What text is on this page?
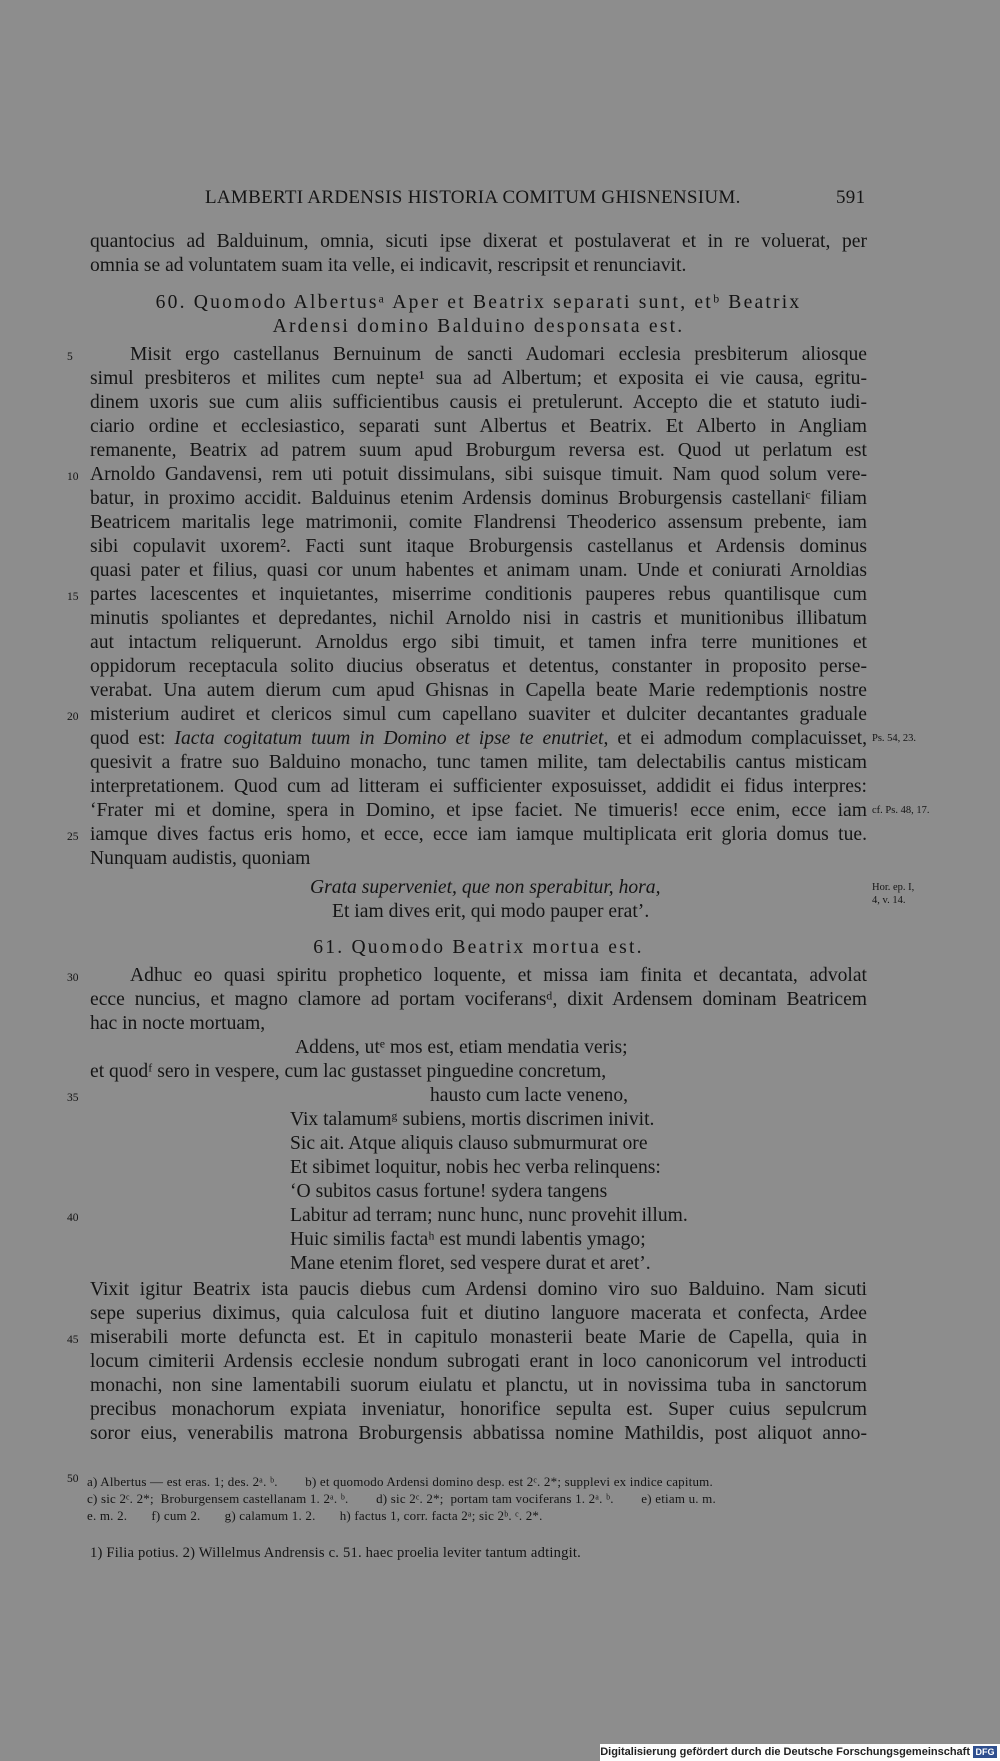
LAMBERTI ARDENSIS HISTORIA COMITUM GHISNENSIUM.	591
quantocius ad Balduinum, omnia, sicuti ipse dixerat et postulaverat et in re voluerat, per
omnia se ad voluntatem suam ita velle, ei indicavit, rescripsit et renunciavit.
60. Quomodo Albertusᵃ Aper et Beatrix separati sunt, etᵇ Beatrix
Ardensi domino Balduino desponsata est.
Misit ergo castellanus Bernuinum de sancti Audomari ecclesia presbiterum aliosque
5
simul presbiteros et milites cum nepte¹ sua ad Albertum; et exposita ei vie causa, egritu-
dinem uxoris sue cum aliis sufficientibus causis ei pretulerunt. Accepto die et statuto iudi-
ciario ordine et ecclesiastico, separati sunt Albertus et Beatrix. Et Alberto in Angliam
remanente, Beatrix ad patrem suum apud Broburgum reversa est. Quod ut perlatum est
Arnoldo Gandavensi, rem uti potuit dissimulans, sibi suisque timuit. Nam quod solum vere-
10
batur, in proximo accidit. Balduinus etenim Ardensis dominus Broburgensis castellaniᶜ filiam
Beatricem maritalis lege matrimonii, comite Flandrensi Theoderico assensum prebente, iam
sibi copulavit uxorem². Facti sunt itaque Broburgensis castellanus et Ardensis dominus
quasi pater et filius, quasi cor unum habentes et animam unam. Unde et coniurati Arnoldias
partes lacescentes et inquietantes, miserrime conditionis pauperes rebus quantilisque cum
15
minutis spoliantes et depredantes, nichil Arnoldo nisi in castris et munitionibus illibatum
aut intactum reliquerunt. Arnoldus ergo sibi timuit, et tamen infra terre munitiones et
oppidorum receptacula solito diucius obseratus et detentus, constanter in proposito perse-
verabat. Una autem dierum cum apud Ghisnas in Capella beate Marie redemptionis nostre
misterium audiret et clericos simul cum capellano suaviter et dulciter decantantes graduale
20
quod est: Iacta cogitatum tuum in Domino et ipse te enutriet, et ei admodum complacuisset, Ps. 54, 23.
quesivit a fratre suo Balduino monacho, tunc tamen milite, tam delectabilis cantus misticam
interpretationem. Quod cum ad litteram ei sufficienter exposuisset, addidit ei fidus interpres:
‘Frater mi et domine, spera in Domino, et ipse faciet. Ne timueris! ecce enim, ecce iam cf. Ps. 48, 17.
iamque dives factus eris homo, et ecce, ecce iam iamque multiplicata erit gloria domus tue.
25
Nunquam audistis, quoniam
Grata superveniet, que non sperabitur, hora,	Hor. ep. I,
4, v. 14.
Et iam dives erit, qui modo pauper erat’.
61. Quomodo Beatrix mortua est.
Adhuc eo quasi spiritu prophetico loquente, et missa iam finita et decantata, advolat
30
ecce nuncius, et magno clamore ad portam vociferansᵈ, dixit Ardensem dominam Beatricem
hac in nocte mortuam,
Addens, utᵉ mos est, etiam mendatia veris;
et quodᶠ sero in vespere, cum lac gustasset pinguedine concretum,
hausto cum lacte veneno,
35
Vix talamumᵍ subiens, mortis discrimen inivit.
Sic ait. Atque aliquis clauso submurmurat ore
Et sibimet loquitur, nobis hec verba relinquens:
‘O subitos casus fortune! sydera tangens
Labitur ad terram; nunc hunc, nunc provehit illum.
40
Huic similis factaʰ est mundi labentis ymago;
Mane etenim floret, sed vespere durat et aret’.
Vixit igitur Beatrix ista paucis diebus cum Ardensi domino viro suo Balduino. Nam sicuti
sepe superius diximus, quia calculosa fuit et diutino languore macerata et confecta, Ardee
miserabili morte defuncta est. Et in capitulo monasterii beate Marie de Capella, quia in
45
locum cimiterii Ardensis ecclesie nondum subrogati erant in loco canonicorum vel introducti
monachi, non sine lamentabili suorum eiulatu et planctu, ut in novissima tuba in sanctorum
precibus monachorum expiata inveniatur, honorifice sepulta est. Super cuius sepulcrum
soror eius, venerabilis matrona Broburgensis abbatissa nomine Mathildis, post aliquot anno-
50 a) Albertus — est eras. 1; des. 2ᵃ. ᵇ.        b) et quomodo Ardensi domino desp. est 2ᶜ. 2*; supplevi ex indice capitum.
c) sic 2ᶜ. 2*;  Broburgensem castellanam 1. 2ᵃ. ᵇ.        d) sic 2ᶜ. 2*;  portam tam vociferans 1. 2ᵃ. ᵇ.        e) etiam u. m.
e. m. 2.       f) cum 2.       g) calamum 1. 2.       h) factus 1, corr. facta 2ᵃ; sic 2ᵇ. ᶜ. 2*.
1) Filia potius. 2) Willelmus Andrensis c. 51. haec proelia leviter tantum adtingit.
Digitalisierung gefördert durch die Deutsche Forschungsgemeinschaft DFG
